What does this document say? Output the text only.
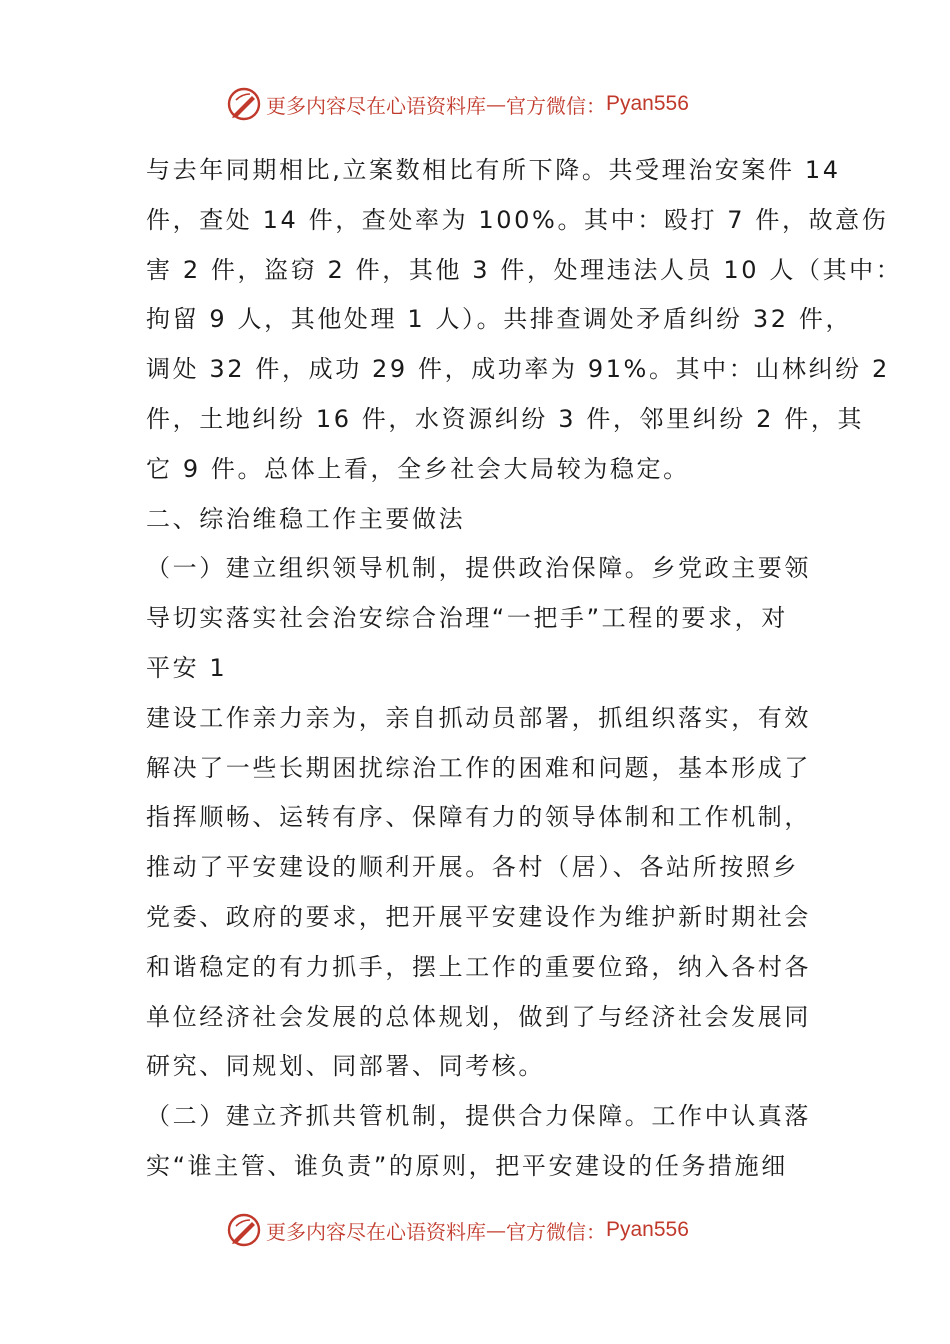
更多内容尽在心语资料库 — 官方微信： Pyan556
与去年同期相比,立案数相比有所下降。共受理治安案件 14
件，查处 14 件，查处率为 100%。其中：殴打 7 件，故意伤
害 2 件，盗窃 2 件，其他 3 件，处理违法人员 10 人（其中：
拘留 9 人，其他处理 1 人）。共排查调处矛盾纠纷 32 件，
调处 32 件，成功 29 件，成功率为 91%。其中：山林纠纷 2
件，土地纠纷 16 件，水资源纠纷 3 件，邻里纠纷 2 件，其
它 9 件。总体上看，全乡社会大局较为稳定。
二、综治维稳工作主要做法
（一）建立组织领导机制，提供政治保障。乡党政主要领
导切实落实社会治安综合治理“一把手”工程的要求，对
平安 1
建设工作亲力亲为，亲自抓动员部署，抓组织落实，有效
解决了一些长期困扰综治工作的困难和问题，基本形成了
指挥顺畅、运转有序、保障有力的领导体制和工作机制，
推动了平安建设的顺利开展。各村（居）、各站所按照乡
党委、政府的要求，把开展平安建设作为维护新时期社会
和谐稳定的有力抓手，摆上工作的重要位臵，纳入各村各
单位经济社会发展的总体规划，做到了与经济社会发展同
研究、同规划、同部署、同考核。
（二）建立齐抓共管机制，提供合力保障。工作中认真落
实“谁主管、谁负责”的原则，把平安建设的任务措施细
更多内容尽在心语资料库 — 官方微信： Pyan556
